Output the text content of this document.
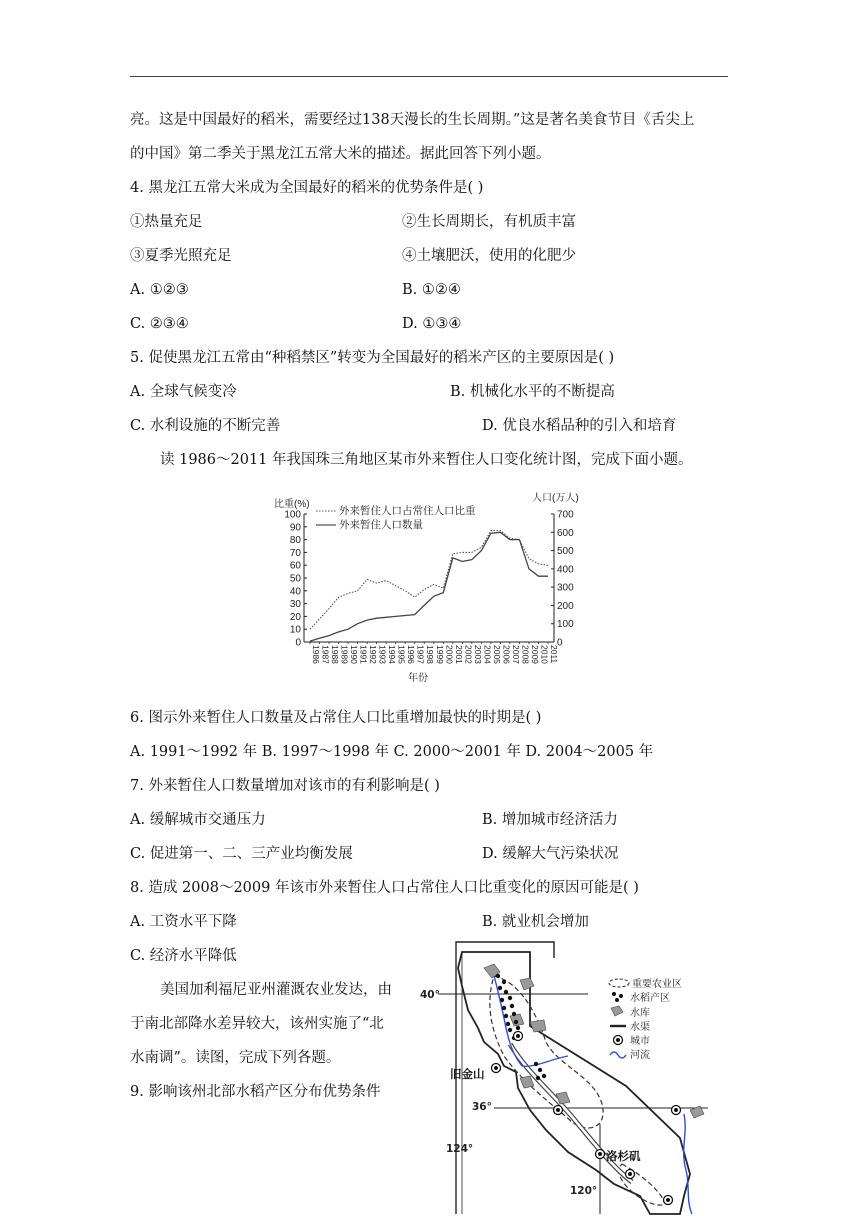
亮。这是中国最好的稻米，需要经过138天漫长的生长周期。”这是著名美食节目《舌尖上
的中国》第二季关于黑龙江五常大米的描述。据此回答下列小题。
4. 黑龙江五常大米成为全国最好的稻米的优势条件是( )
①热量充足	②生长周期长，有机质丰富
③夏季光照充足	④土壤肥沃，使用的化肥少
A. ①②③	B. ①②④
C. ②③④	D. ①③④
5. 促使黑龙江五常由“种稻禁区”转变为全国最好的稻米产区的主要原因是( )
A. 全球气候变冷	B. 机械化水平的不断提高
C. 水利设施的不断完善	D. 优良水稻品种的引入和培育
读 1986～2011 年我国珠三角地区某市外来暂住人口变化统计图，完成下面小题。
0
10
20
30
40
50
60
70
80
90
100
0
100
200
300
400
500
600
700
1986 1987 1988 1989 1990 1991 1992 1993 1994 1995 1996 1997 1998 1999 2000 2001 2002 2003 2004 2005 2006 2007 2008 2009 2010 2011
外来暂住人口占常住人口比重
外来暂住人口数量
比重(%)
人口(万人)
年份
6. 图示外来暂住人口数量及占常住人口比重增加最快的时期是( )
A. 1991～1992 年 B. 1997～1998 年 C. 2000～2001 年 D. 2004～2005 年
7. 外来暂住人口数量增加对该市的有利影响是( )
A. 缓解城市交通压力	B. 增加城市经济活力
C. 促进第一、二、三产业均衡发展	D. 缓解大气污染状况
8. 造成 2008～2009 年该市外来暂住人口占常住人口比重变化的原因可能是( )
A. 工资水平下降	B. 就业机会增加
C. 经济水平降低
美国加利福尼亚州灌溉农业发达，由
于南北部降水差异较大，该州实施了“北
水南调”。读图，完成下列各题。
9. 影响该州北部水稻产区分布优势条件
40°
36°
124°
120°
旧金山
洛杉矶
重要农业区
水稻产区
水库
水渠
城市
河流
